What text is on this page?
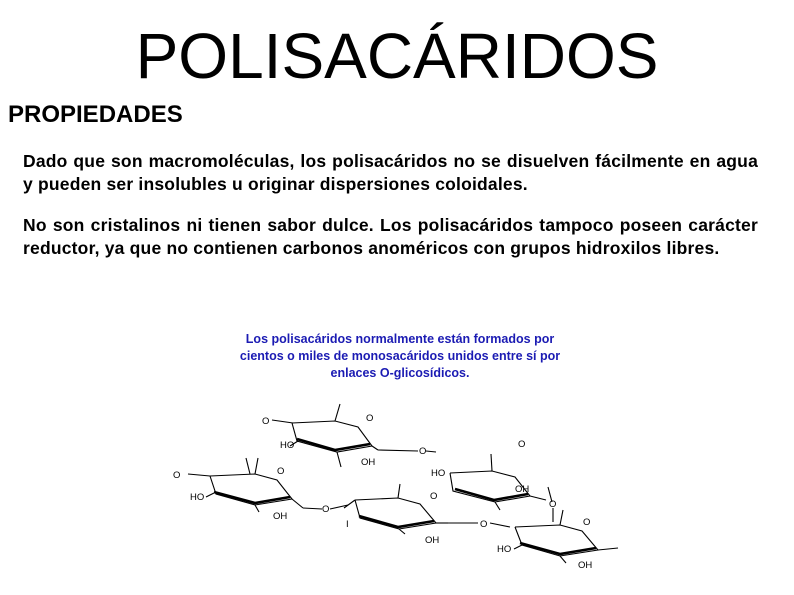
POLISACÁRIDOS
PROPIEDADES
Dado que son macromoléculas, los polisacáridos no se disuelven fácilmente en agua y pueden ser insolubles u originar dispersiones coloidales.
No son cristalinos ni tienen sabor dulce. Los polisacáridos tampoco poseen carácter reductor, ya que no contienen carbonos anoméricos con grupos hidroxilos libres.
Los polisacáridos normalmente están formados por
cientos o miles de monosacáridos unidos entre sí por
enlaces O-glicosídicos.
O	O
HO
OH
O
O
HO
OH
O	O
HO
OH
O
O
OH
O
O
O
HO
OH
I
